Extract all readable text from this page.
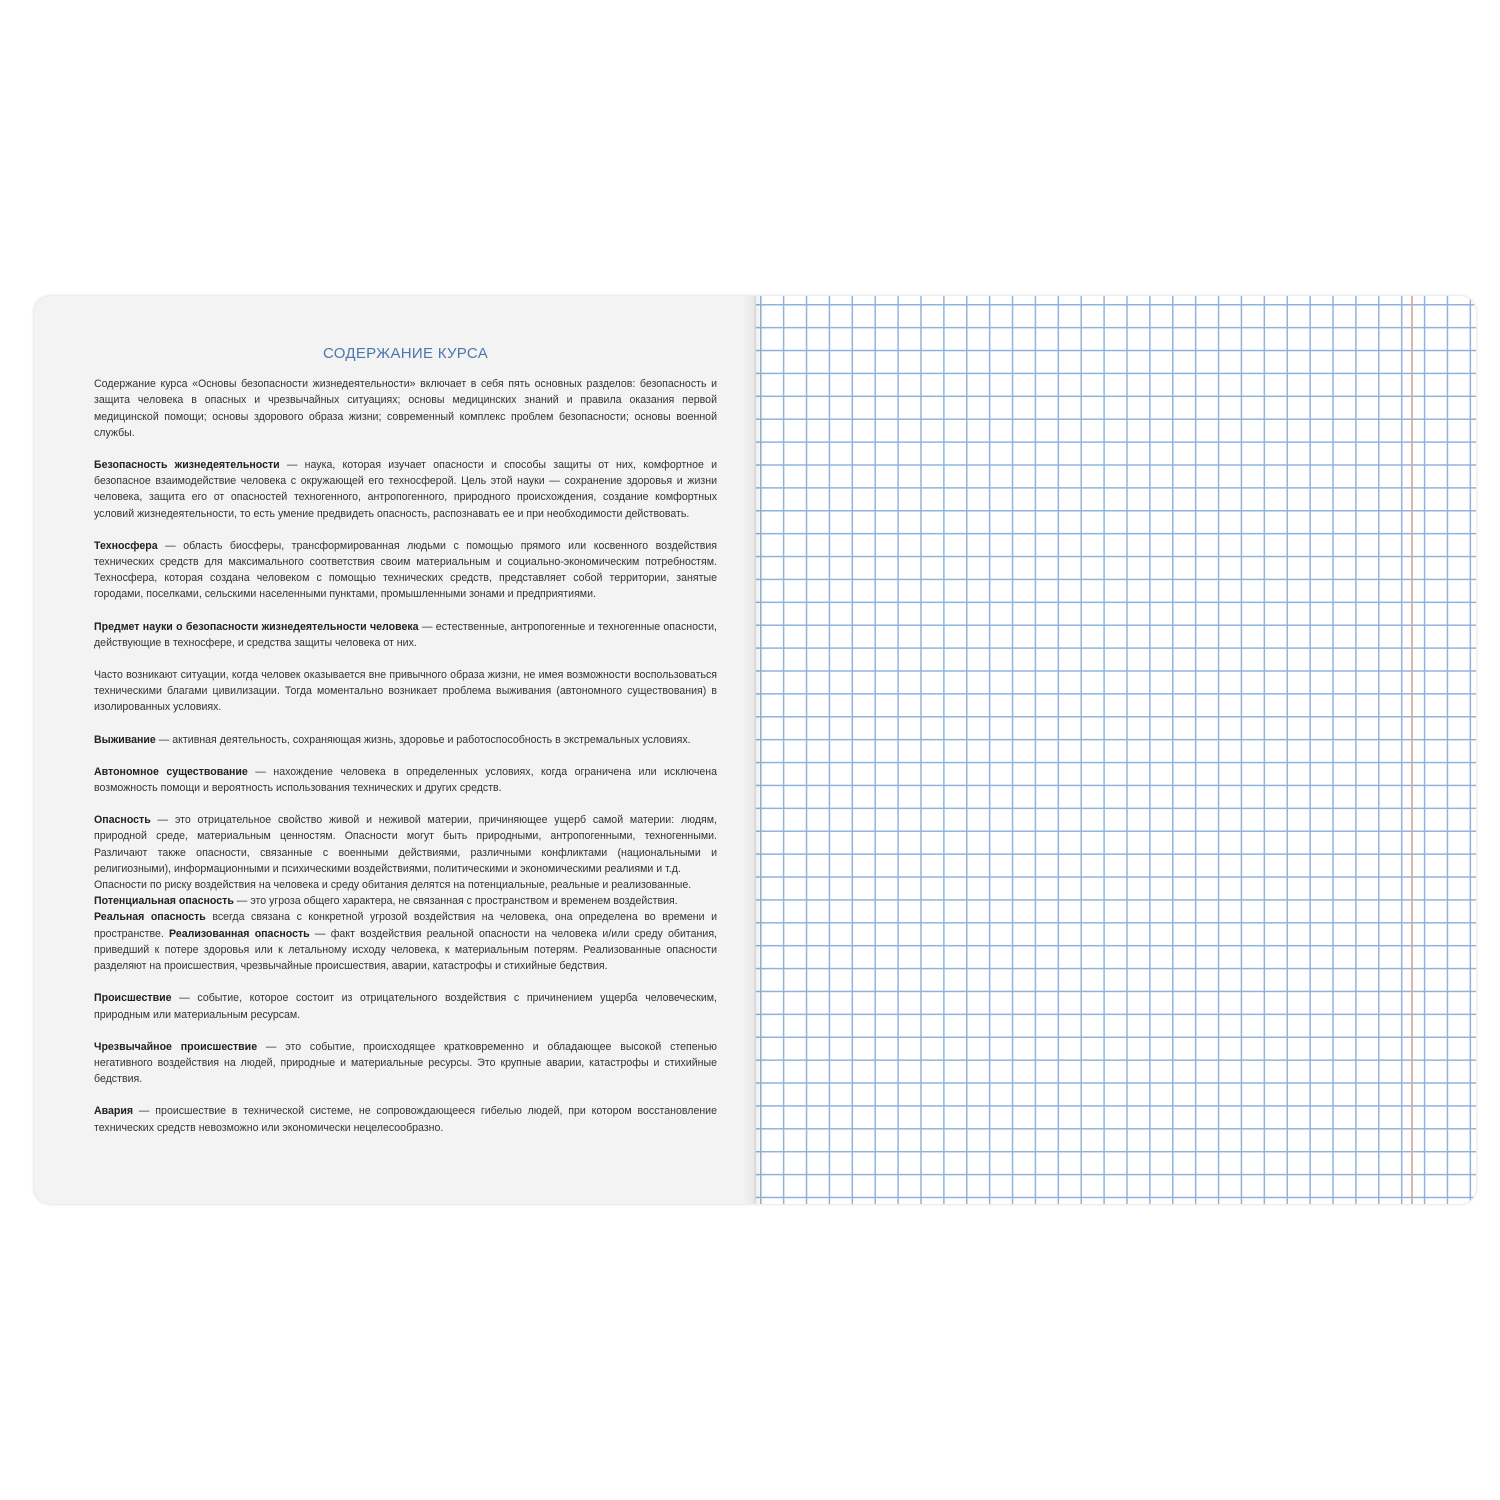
СОДЕРЖАНИЕ КУРСА

Содержание курса «Основы безопасности жизнедеятельности» включает в себя пять основных разделов: безопасность и защита человека в опасных и чрезвычайных ситуациях; основы медицинских знаний и правила оказания первой медицинской помощи; основы здорового образа жизни; современный комплекс проблем безопасности; основы военной службы.

Безопасность жизнедеятельности — наука, которая изучает опасности и способы защиты от них, комфортное и безопасное взаимодействие человека с окружающей его техносферой. Цель этой науки — сохранение здоровья и жизни человека, защита его от опасностей техногенного, антропогенного, природного происхождения, создание комфортных условий жизнедеятельности, то есть умение предвидеть опасность, распознавать ее и при необходимости действовать.

Техносфера — область биосферы, трансформированная людьми с помощью прямого или косвенного воздействия технических средств для максимального соответствия своим материальным и социально-экономическим потребностям. Техносфера, которая создана человеком с помощью технических средств, представляет собой территории, занятые городами, поселками, сельскими населенными пунктами, промышленными зонами и предприятиями.

Предмет науки о безопасности жизнедеятельности человека — естественные, антропогенные и техногенные опасности, действующие в техносфере, и средства защиты человека от них.

Часто возникают ситуации, когда человек оказывается вне привычного образа жизни, не имея возможности воспользоваться техническими благами цивилизации. Тогда моментально возникает проблема выживания (автономного существования) в изолированных условиях.

Выживание — активная деятельность, сохраняющая жизнь, здоровье и работоспособность в экстремальных условиях.

Автономное существование — нахождение человека в определенных условиях, когда ограничена или исключена возможность помощи и вероятность использования технических и других средств.

Опасность — это отрицательное свойство живой и неживой материи, причиняющее ущерб самой материи: людям, природной среде, материальным ценностям. Опасности могут быть природными, антропогенными, техногенными. Различают также опасности, связанные с военными действиями, различными конфликтами (национальными и религиозными), информационными и психическими воздействиями, политическими и экономическими реалиями и т.д.

Опасности по риску воздействия на человека и среду обитания делятся на потенциальные, реальные и реализованные.

Потенциальная опасность — это угроза общего характера, не связанная с пространством и временем воздействия.

Реальная опасность всегда связана с конкретной угрозой воздействия на человека, она определена во времени и пространстве. Реализованная опасность — факт воздействия реальной опасности на человека и/или среду обитания, приведший к потере здоровья или к летальному исходу человека, к материальным потерям. Реализованные опасности разделяют на происшествия, чрезвычайные происшествия, аварии, катастрофы и стихийные бедствия.

Происшествие — событие, которое состоит из отрицательного воздействия с причинением ущерба человеческим, природным или материальным ресурсам.

Чрезвычайное происшествие — это событие, происходящее кратковременно и обладающее высокой степенью негативного воздействия на людей, природные и материальные ресурсы. Это крупные аварии, катастрофы и стихийные бедствия.

Авария — происшествие в технической системе, не сопровождающееся гибелью людей, при котором восстановление технических средств невозможно или экономически нецелесообразно.
